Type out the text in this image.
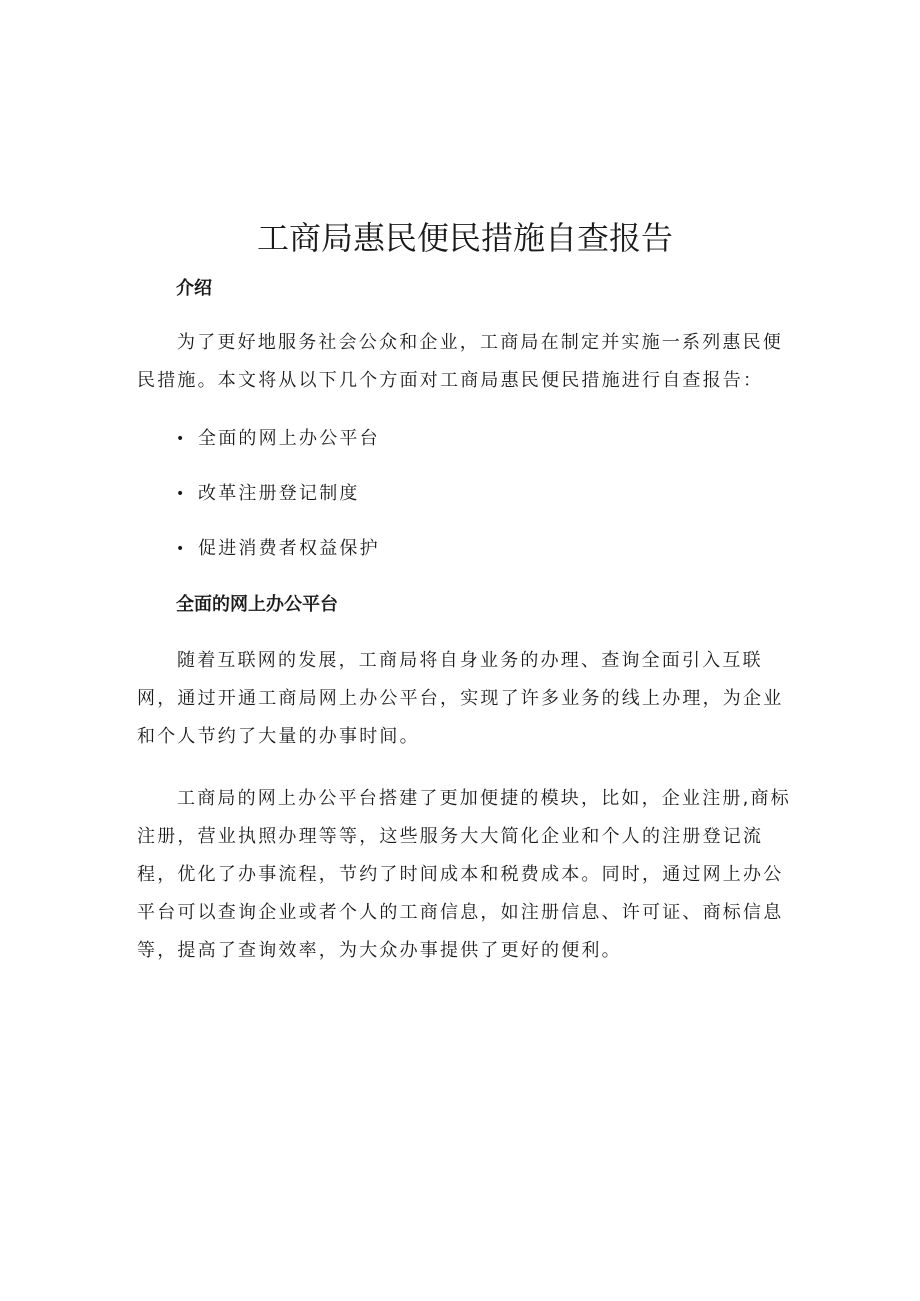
工商局惠民便民措施自查报告
介绍

为了更好地服务社会公众和企业，工商局在制定并实施一系列惠民便民措施。本文将从以下几个方面对工商局惠民便民措施进行自查报告：

• 全面的网上办公平台
• 改革注册登记制度
• 促进消费者权益保护
全面的网上办公平台

随着互联网的发展，工商局将自身业务的办理、查询全面引入互联网，通过开通工商局网上办公平台，实现了许多业务的线上办理，为企业和个人节约了大量的办事时间。

工商局的网上办公平台搭建了更加便捷的模块，比如，企业注册,商标注册，营业执照办理等等，这些服务大大简化企业和个人的注册登记流程，优化了办事流程，节约了时间成本和税费成本。同时，通过网上办公平台可以查询企业或者个人的工商信息，如注册信息、许可证、商标信息等，提高了查询效率，为大众办事提供了更好的便利。
